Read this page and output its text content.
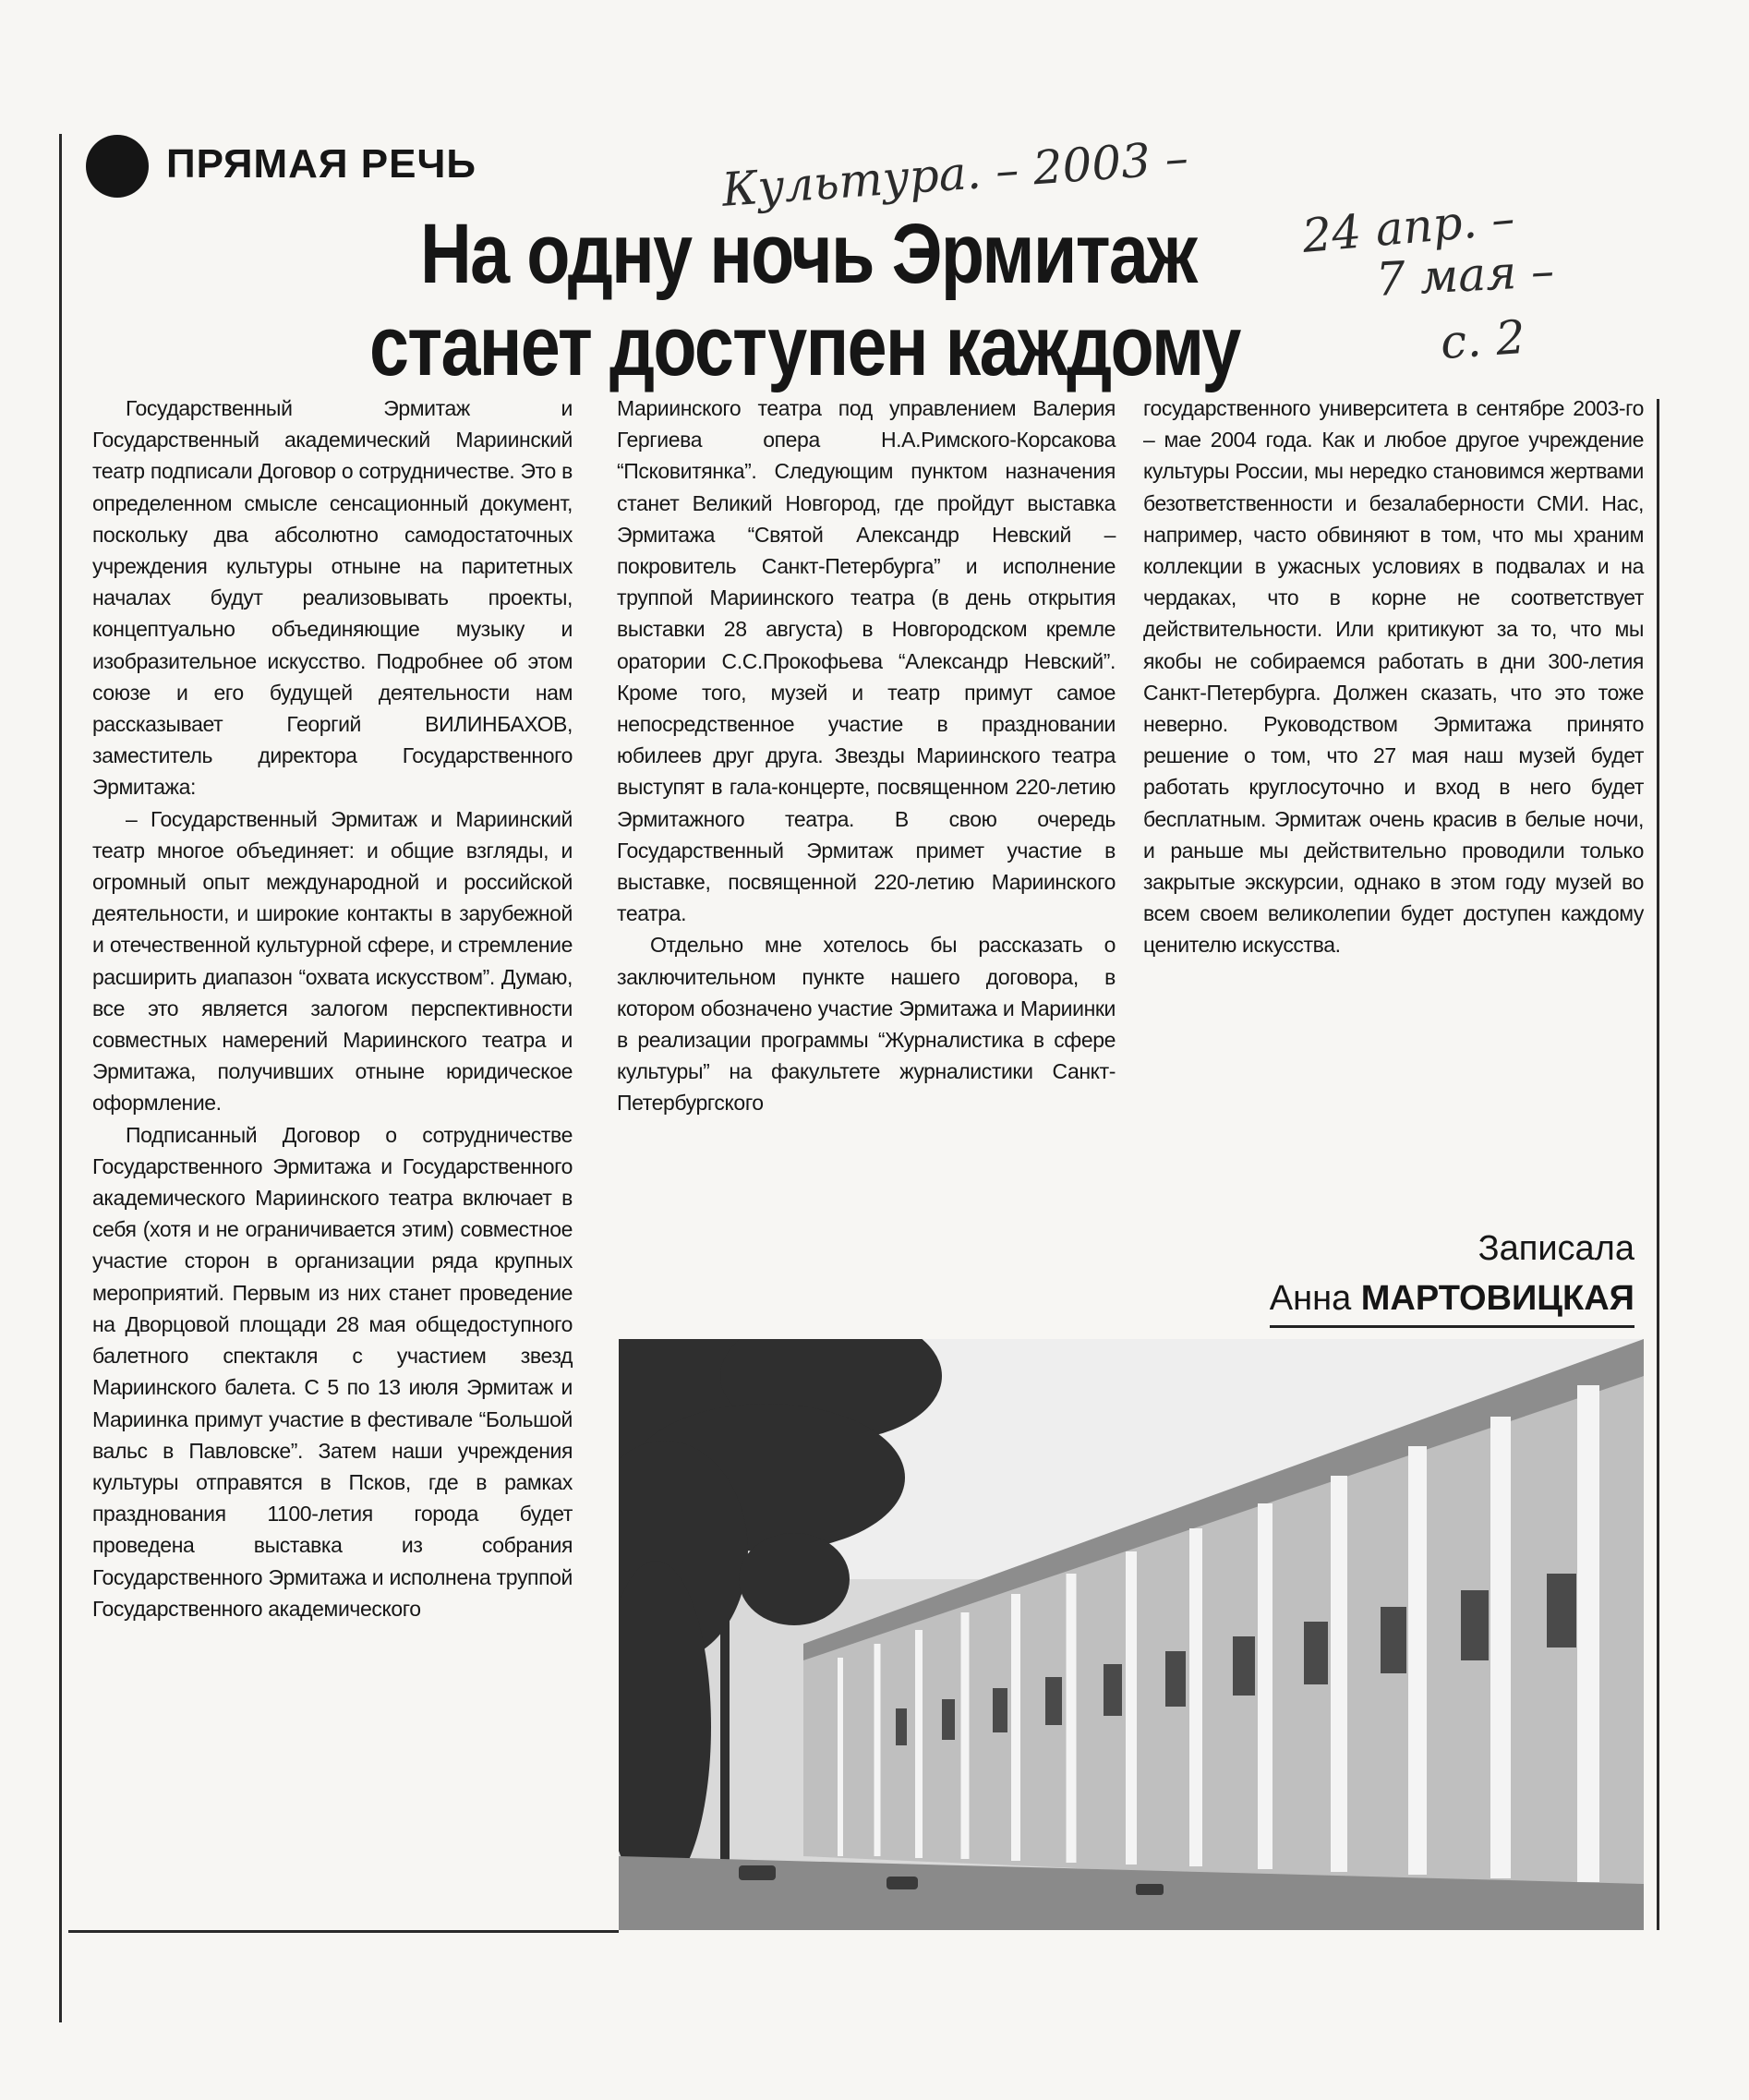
ПРЯМАЯ РЕЧЬ	Культура. – 2003 –

24 апр. –

7 мая –

с. 2

На одну ночь Эрмитаж
станет доступен каждому

Государственный Эрмитаж и Государственный академический Мариинский театр подписали Договор о сотрудничестве. Это в определенном смысле сенсационный документ, поскольку два абсолютно самодостаточных учреждения культуры отныне на паритетных началах будут реализовывать проекты, концептуально объединяющие музыку и изобразительное искусство. Подробнее об этом союзе и его будущей деятельности нам рассказывает Георгий ВИЛИНБАХОВ, заместитель директора Государственного Эрмитажа:

– Государственный Эрмитаж и Мариинский театр многое объединяет: и общие взгляды, и огромный опыт международной и российской деятельности, и широкие контакты в зарубежной и отечественной культурной сфере, и стремление расширить диапазон “охвата искусством”. Думаю, все это является залогом перспективности совместных намерений Мариинского театра и Эрмитажа, получивших отныне юридическое оформление.

Подписанный Договор о сотрудничестве Государственного Эрмитажа и Государственного академического Мариинского театра включает в себя (хотя и не ограничивается этим) совместное участие сторон в организации ряда крупных мероприятий. Первым из них станет проведение на Дворцовой площади 28 мая общедоступного балетного спектакля с участием звезд Мариинского балета. С 5 по 13 июля Эрмитаж и Мариинка примут участие в фестивале “Большой вальс в Павловске”. Затем наши учреждения культуры отправятся в Псков, где в рамках празднования 1100-летия города будет проведена выставка из собрания Государственного Эрмитажа и исполнена труппой Государственного академического

Мариинского театра под управлением Валерия Гергиева опера Н.А.Римского-Корсакова “Псковитянка”. Следующим пунктом назначения станет Великий Новгород, где пройдут выставка Эрмитажа “Святой Александр Невский – покровитель Санкт-Петербурга” и исполнение труппой Мариинского театра (в день открытия выставки 28 августа) в Новгородском кремле оратории С.С.Прокофьева “Александр Невский”. Кроме того, музей и театр примут самое непосредственное участие в праздновании юбилеев друг друга. Звезды Мариинского театра выступят в гала-концерте, посвященном 220-летию Эрмитажного театра. В свою очередь Государственный Эрмитаж примет участие в выставке, посвященной 220-летию Мариинского театра.

Отдельно мне хотелось бы рассказать о заключительном пункте нашего договора, в котором обозначено участие Эрмитажа и Мариинки в реализации программы “Журналистика в сфере культуры” на факультете журналистики Санкт-Петербургского

государственного университета в сентябре 2003-го – мае 2004 года. Как и любое другое учреждение культуры России, мы нередко становимся жертвами безответственности и безалаберности СМИ. Нас, например, часто обвиняют в том, что мы храним коллекции в ужасных условиях в подвалах и на чердаках, что в корне не соответствует действительности. Или критикуют за то, что мы якобы не собираемся работать в дни 300-летия Санкт-Петербурга. Должен сказать, что это тоже неверно. Руководством Эрмитажа принято решение о том, что 27 мая наш музей будет работать круглосуточно и вход в него будет бесплатным. Эрмитаж очень красив в белые ночи, и раньше мы действительно проводили только закрытые экскурсии, однако в этом году музей во всем своем великолепии будет доступен каждому ценителю искусства.

Записала
Анна МАРТОВИЦКАЯ
